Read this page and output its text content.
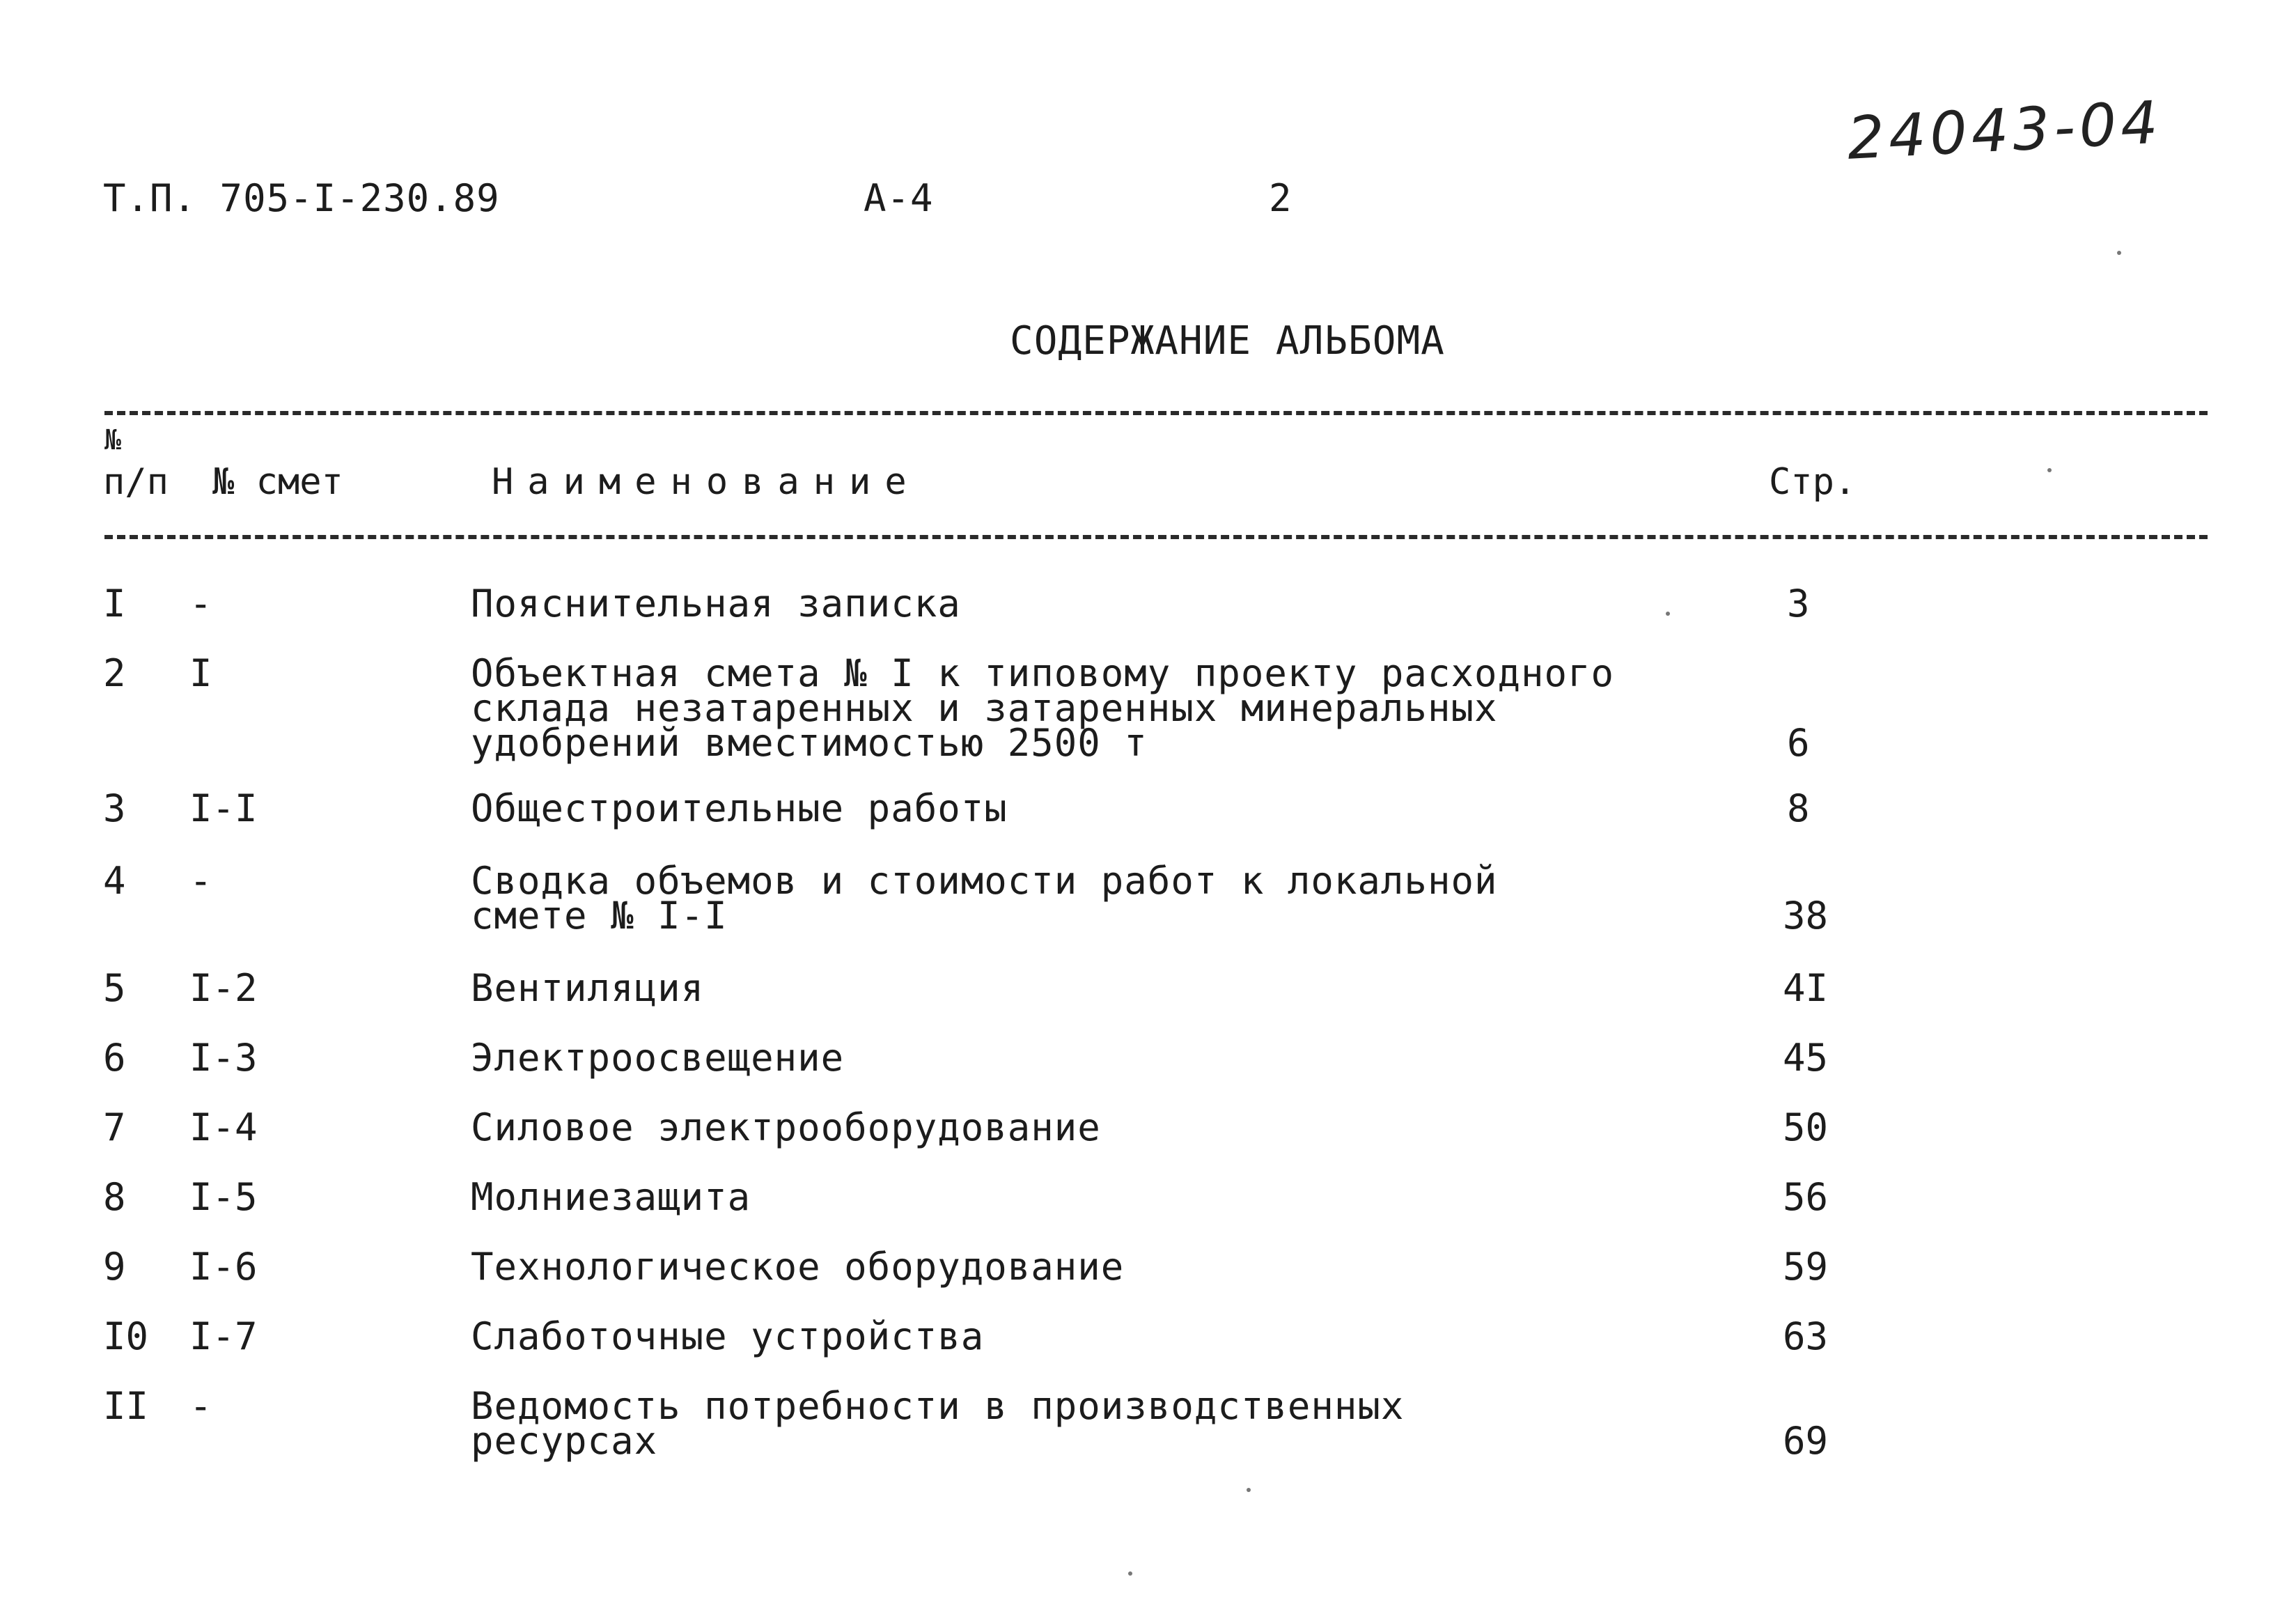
Т.П. 705-I-230.89	А-4	2
24043-04
СОДЕРЖАНИЕ АЛЬБОМА
№
п/п № смет	Наименование	Стр.
I -	Пояснительная записка	3
2 I	Объектная смета № I к типовому проекту расходного
склада незатаренных и затаренных минеральных
удобрений вместимостью 2500 т	6
3 I-I	Общестроительные работы	8
4 -	Сводка объемов и стоимости работ к локальной
смете № I-I	38
5 I-2	Вентиляция	4I
6 I-3	Электроосвещение	45
7 I-4	Силовое электрооборудование	50
8 I-5	Молниезащита	56
9 I-6	Технологическое оборудование	59
I0 I-7	Слаботочные устройства	63
II -	Ведомость потребности в производственных
ресурсах	69
